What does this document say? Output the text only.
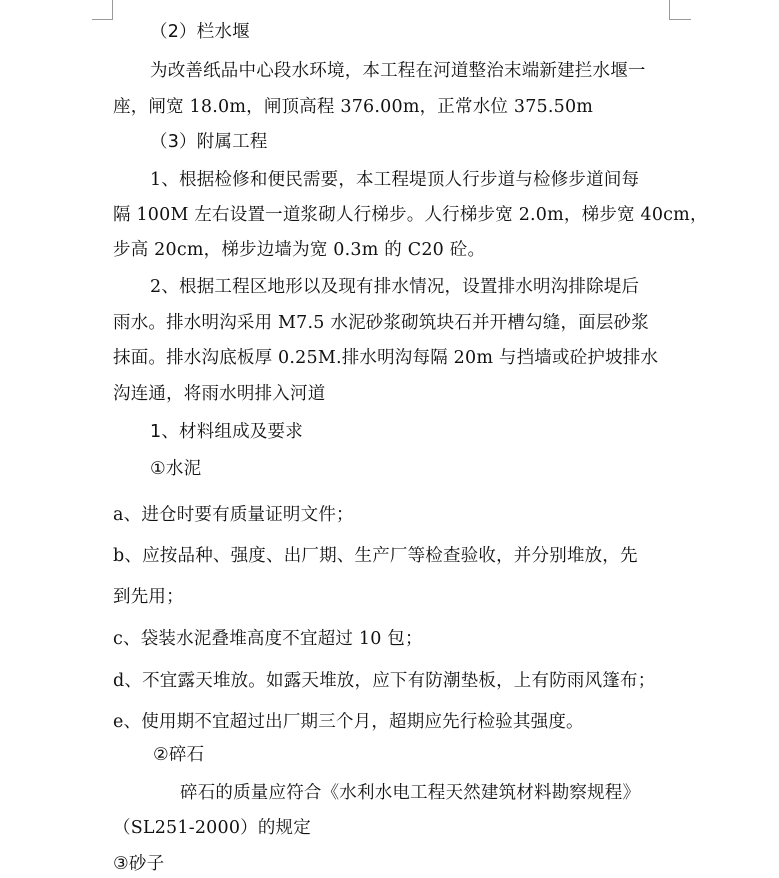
（2）栏水堰
为改善纸品中心段水环境，本工程在河道整治末端新建拦水堰一
座，闸宽 18.0m，闸顶高程 376.00m，正常水位 375.50m
（3）附属工程
1、根据检修和便民需要，本工程堤顶人行步道与检修步道间每
隔 100M 左右设置一道浆砌人行梯步。人行梯步宽 2.0m，梯步宽 40cm，
步高 20cm，梯步边墙为宽 0.3m 的 C20 砼。
2、根据工程区地形以及现有排水情况，设置排水明沟排除堤后
雨水。排水明沟采用 M7.5 水泥砂浆砌筑块石并开槽勾缝，面层砂浆
抹面。排水沟底板厚 0.25M.排水明沟每隔 20m 与挡墙或砼护坡排水
沟连通，将雨水明排入河道
1、材料组成及要求
①水泥
a、进仓时要有质量证明文件；
b、应按品种、强度、出厂期、生产厂等检查验收，并分别堆放，先
到先用；
c、袋装水泥叠堆高度不宜超过 10 包；
d、不宜露天堆放。如露天堆放，应下有防潮垫板，上有防雨风篷布；
e、使用期不宜超过出厂期三个月，超期应先行检验其强度。
②碎石
碎石的质量应符合《水利水电工程天然建筑材料勘察规程》
（SL251-2000）的规定
③砂子
